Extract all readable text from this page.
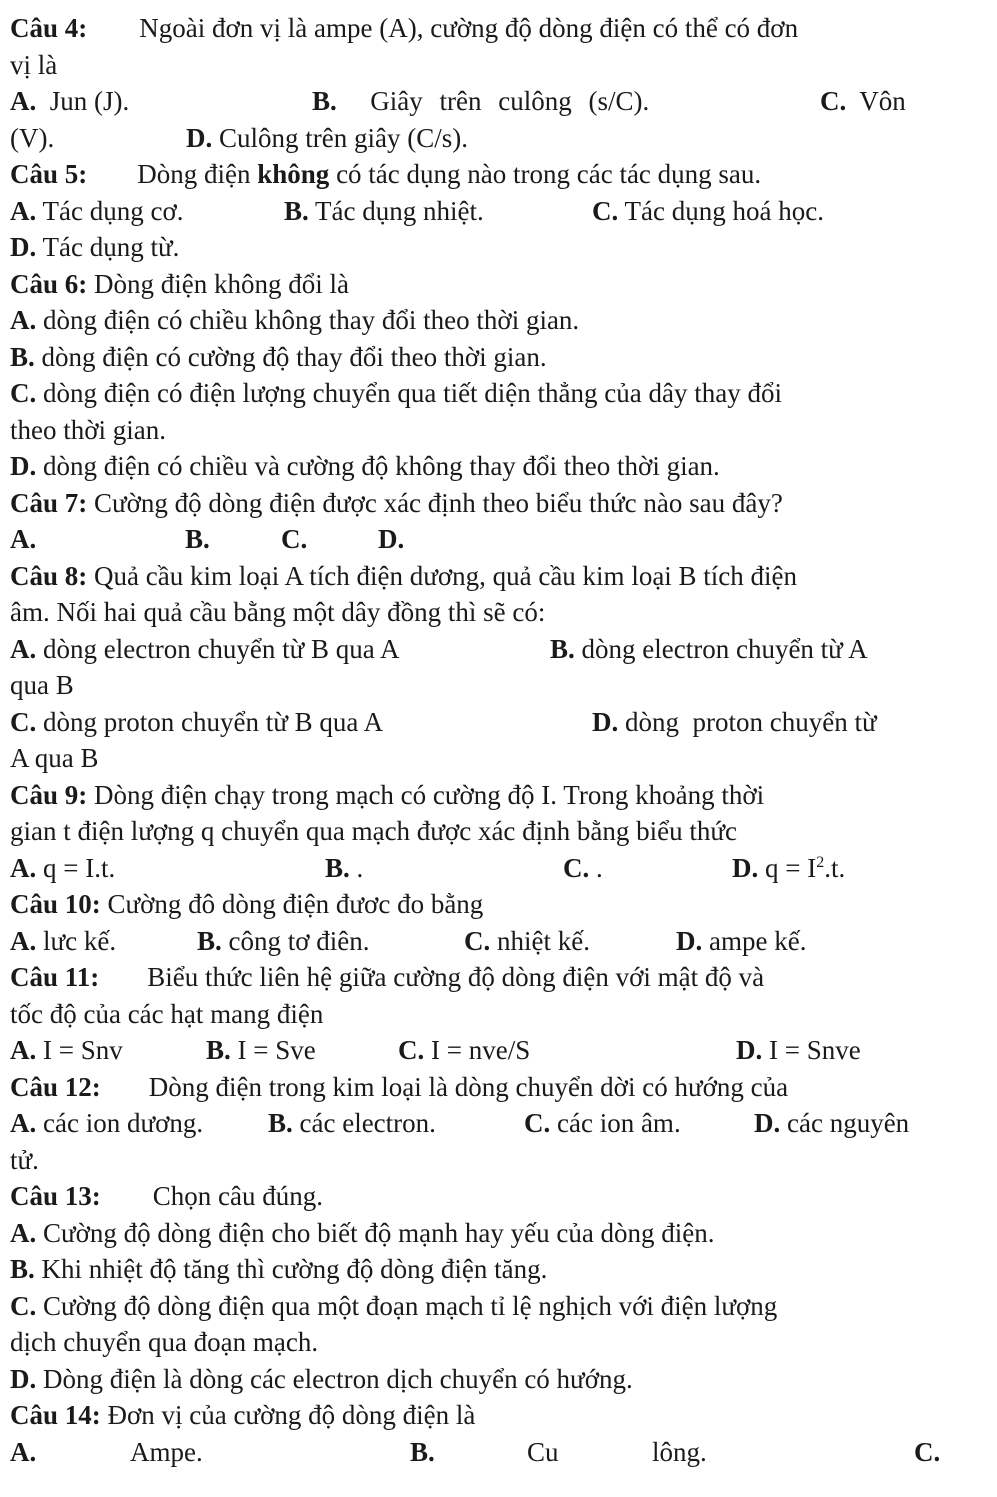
Câu 4: Ngoài đơn vị là ampe (A), cường độ dòng điện có thể có đơn
vị là
A. Jun (J).	B. Giây trên culông (s/C).	C. Vôn
(V).	D. Culông trên giây (C/s).
Câu 5: Dòng điện không có tác dụng nào trong các tác dụng sau.
A. Tác dụng cơ.	B. Tác dụng nhiệt.	C. Tác dụng hoá học.
D. Tác dụng từ.
Câu 6: Dòng điện không đổi là
A. dòng điện có chiều không thay đổi theo thời gian.
B. dòng điện có cường độ thay đổi theo thời gian.
C. dòng điện có điện lượng chuyển qua tiết diện thẳng của dây thay đổi
theo thời gian.
D. dòng điện có chiều và cường độ không thay đổi theo thời gian.
Câu 7: Cường độ dòng điện được xác định theo biểu thức nào sau đây?
A.	B.	C.	D.
Câu 8: Quả cầu kim loại A tích điện dương, quả cầu kim loại B tích điện
âm. Nối hai quả cầu bằng một dây đồng thì sẽ có:
A. dòng electron chuyển từ B qua A	B. dòng electron chuyển từ A
qua B
C. dòng proton chuyển từ B qua A	D. dòng  proton chuyển từ
A qua B
Câu 9: Dòng điện chạy trong mạch có cường độ I. Trong khoảng thời
gian t điện lượng q chuyển qua mạch được xác định bằng biểu thức
A. q = I.t.	B. .	C. .	D. $q = I^2.t$.
Câu 10: Cường đô dòng điện đươc đo bằng
A. lưc kế.	B. công tơ điên.	C. nhiệt kế.	D. ampe kế.
Câu 11: Biểu thức liên hệ giữa cường độ dòng điện với mật độ và
tốc độ của các hạt mang điện
A. I = Snv	B. I = Sve	C. I = nve/S	D. I = Snve
Câu 12: Dòng điện trong kim loại là dòng chuyển dời có hướng của
A. các ion dương. B. các electron.	C. các ion âm.	D. các nguyên
tử.
Câu 13: Chọn câu đúng.
A. Cường độ dòng điện cho biết độ mạnh hay yếu của dòng điện.
B. Khi nhiệt độ tăng thì cường độ dòng điện tăng.
C. Cường độ dòng điện qua một đoạn mạch tỉ lệ nghịch với điện lượng
dịch chuyển qua đoạn mạch.
D. Dòng điện là dòng các electron dịch chuyển có hướng.
Câu 14: Đơn vị của cường độ dòng điện là
A.	Ampe.	B.	Cu	lông.	C.
